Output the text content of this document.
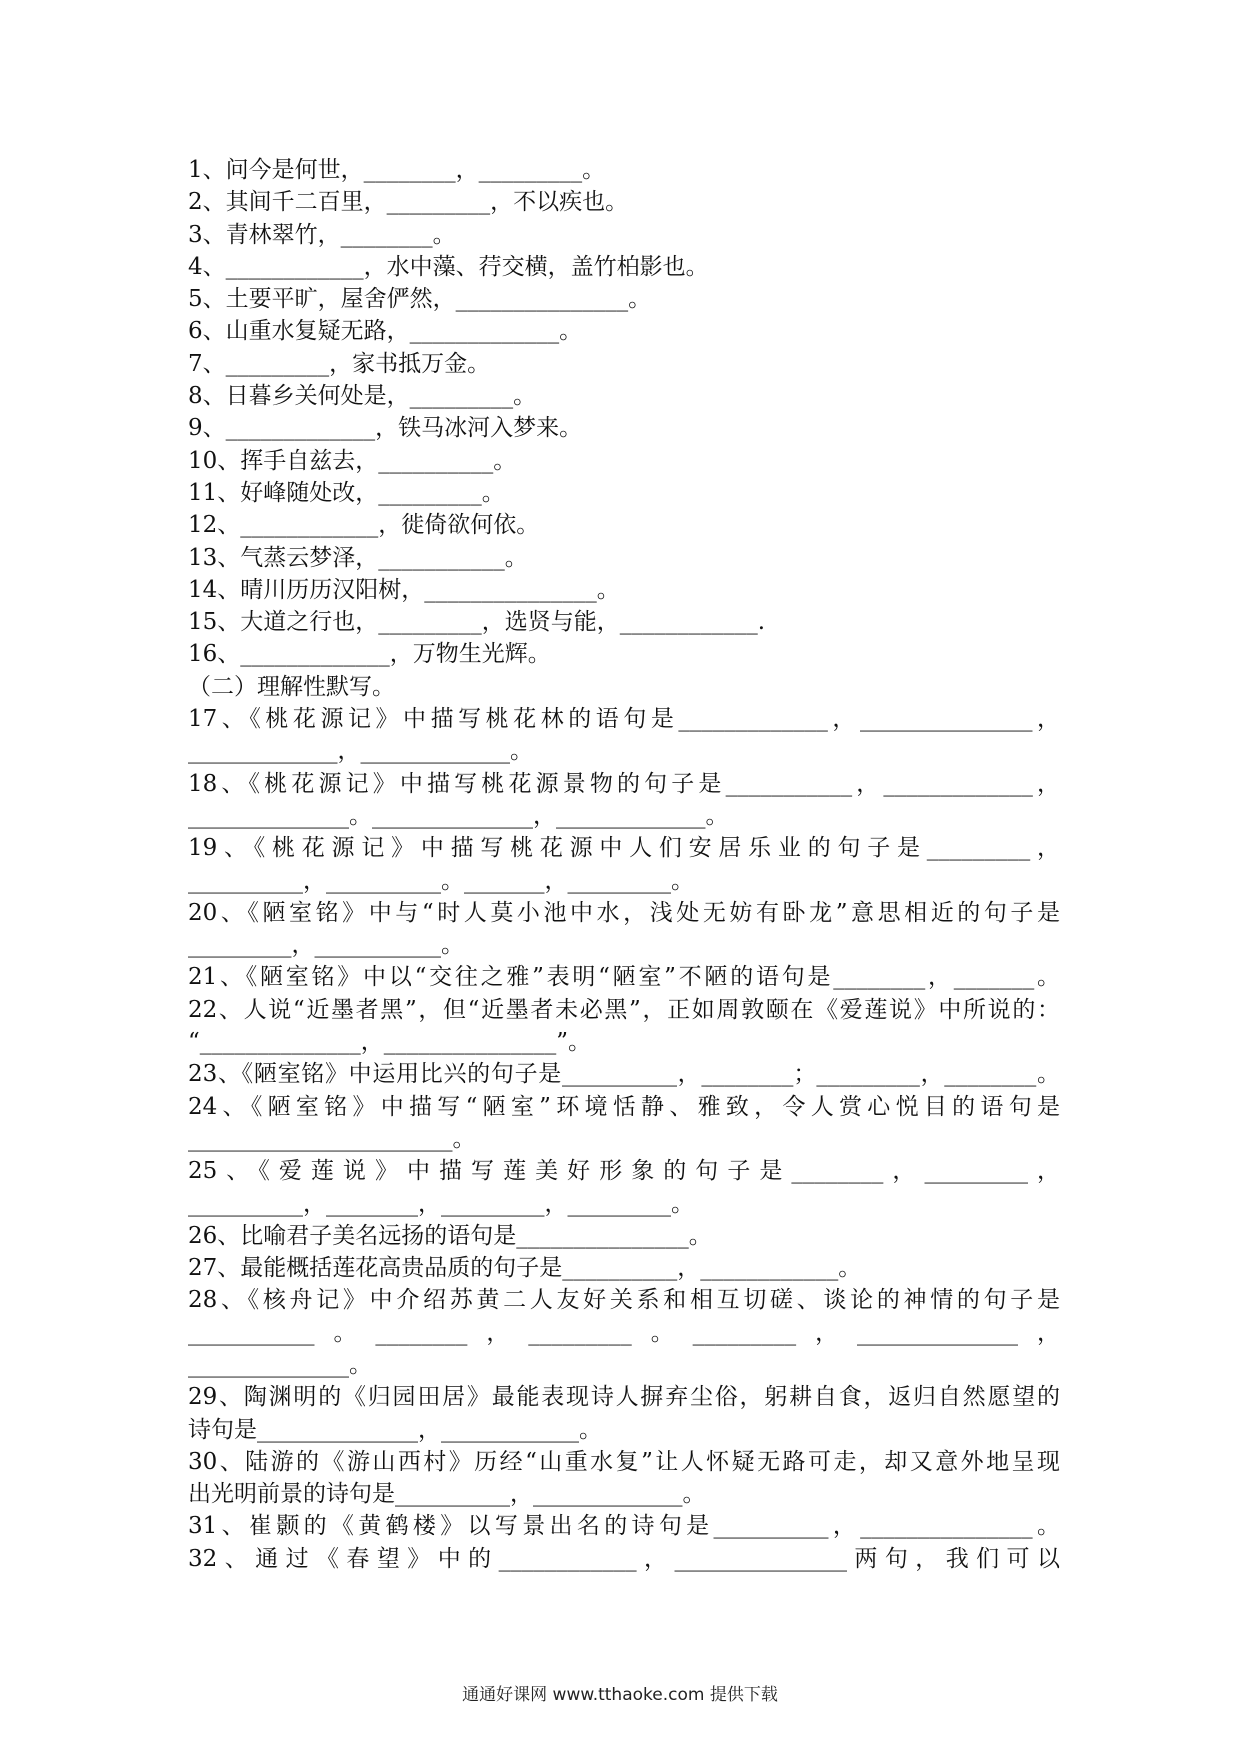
1、问今是何世，________，_________。
2、其间千二百里，_________，不以疾也。
3、青林翠竹，________。
4、____________，水中藻、荇交横，盖竹柏影也。
5、土要平旷，屋舍俨然，_______________。
6、山重水复疑无路，_____________。
7、_________，家书抵万金。
8、日暮乡关何处是，_________。
9、_____________，铁马冰河入梦来。
10、挥手自兹去，__________。
11、好峰随处改，_________。
12、____________，徙倚欲何依。
13、气蒸云梦泽，___________。
14、晴川历历汉阳树，_______________。
15、大道之行也，_________，选贤与能，____________.
16、_____________，万物生光辉。
（二）理解性默写。
17、《桃花源记》中描写桃花林的语句是_____________，_______________，
_____________，_____________。
18、《桃花源记》中描写桃花源景物的句子是___________，_____________，
______________。______________，_____________。
19、《桃花源记》中描写桃花源中人们安居乐业的句子是_________，
__________，__________。_______，_________。
20、《陋室铭》中与“时人莫小池中水，浅处无妨有卧龙”意思相近的句子是
_________，___________。
21、《陋室铭》中以“交往之雅”表明“陋室”不陋的语句是________，_______。
22、人说“近墨者黑”，但“近墨者未必黑”，正如周敦颐在《爱莲说》中所说的：
“______________，_______________”。
23、《陋室铭》中运用比兴的句子是__________，________；_________，________。
24、《陋室铭》中描写“陋室”环境恬静、雅致，令人赏心悦目的语句是
_______________________。
25、《爱莲说》中描写莲美好形象的句子是________，_________，
__________，________，_________，_________。
26、比喻君子美名远扬的语句是_______________。
27、最能概括莲花高贵品质的句子是__________，____________。
28、《核舟记》中介绍苏黄二人友好关系和相互切磋、谈论的神情的句子是
___________。________，_________。_________，______________，
______________。
29、陶渊明的《归园田居》最能表现诗人摒弃尘俗，躬耕自食，返归自然愿望的
诗句是______________，____________。
30、陆游的《游山西村》历经“山重水复”让人怀疑无路可走，却又意外地呈现
出光明前景的诗句是__________，_____________。
31、崔颢的《黄鹤楼》以写景出名的诗句是__________，_______________。
32、通过《春望》中的____________，_______________两句，我们可以
通通好课网 www.tthaoke.com 提供下载
